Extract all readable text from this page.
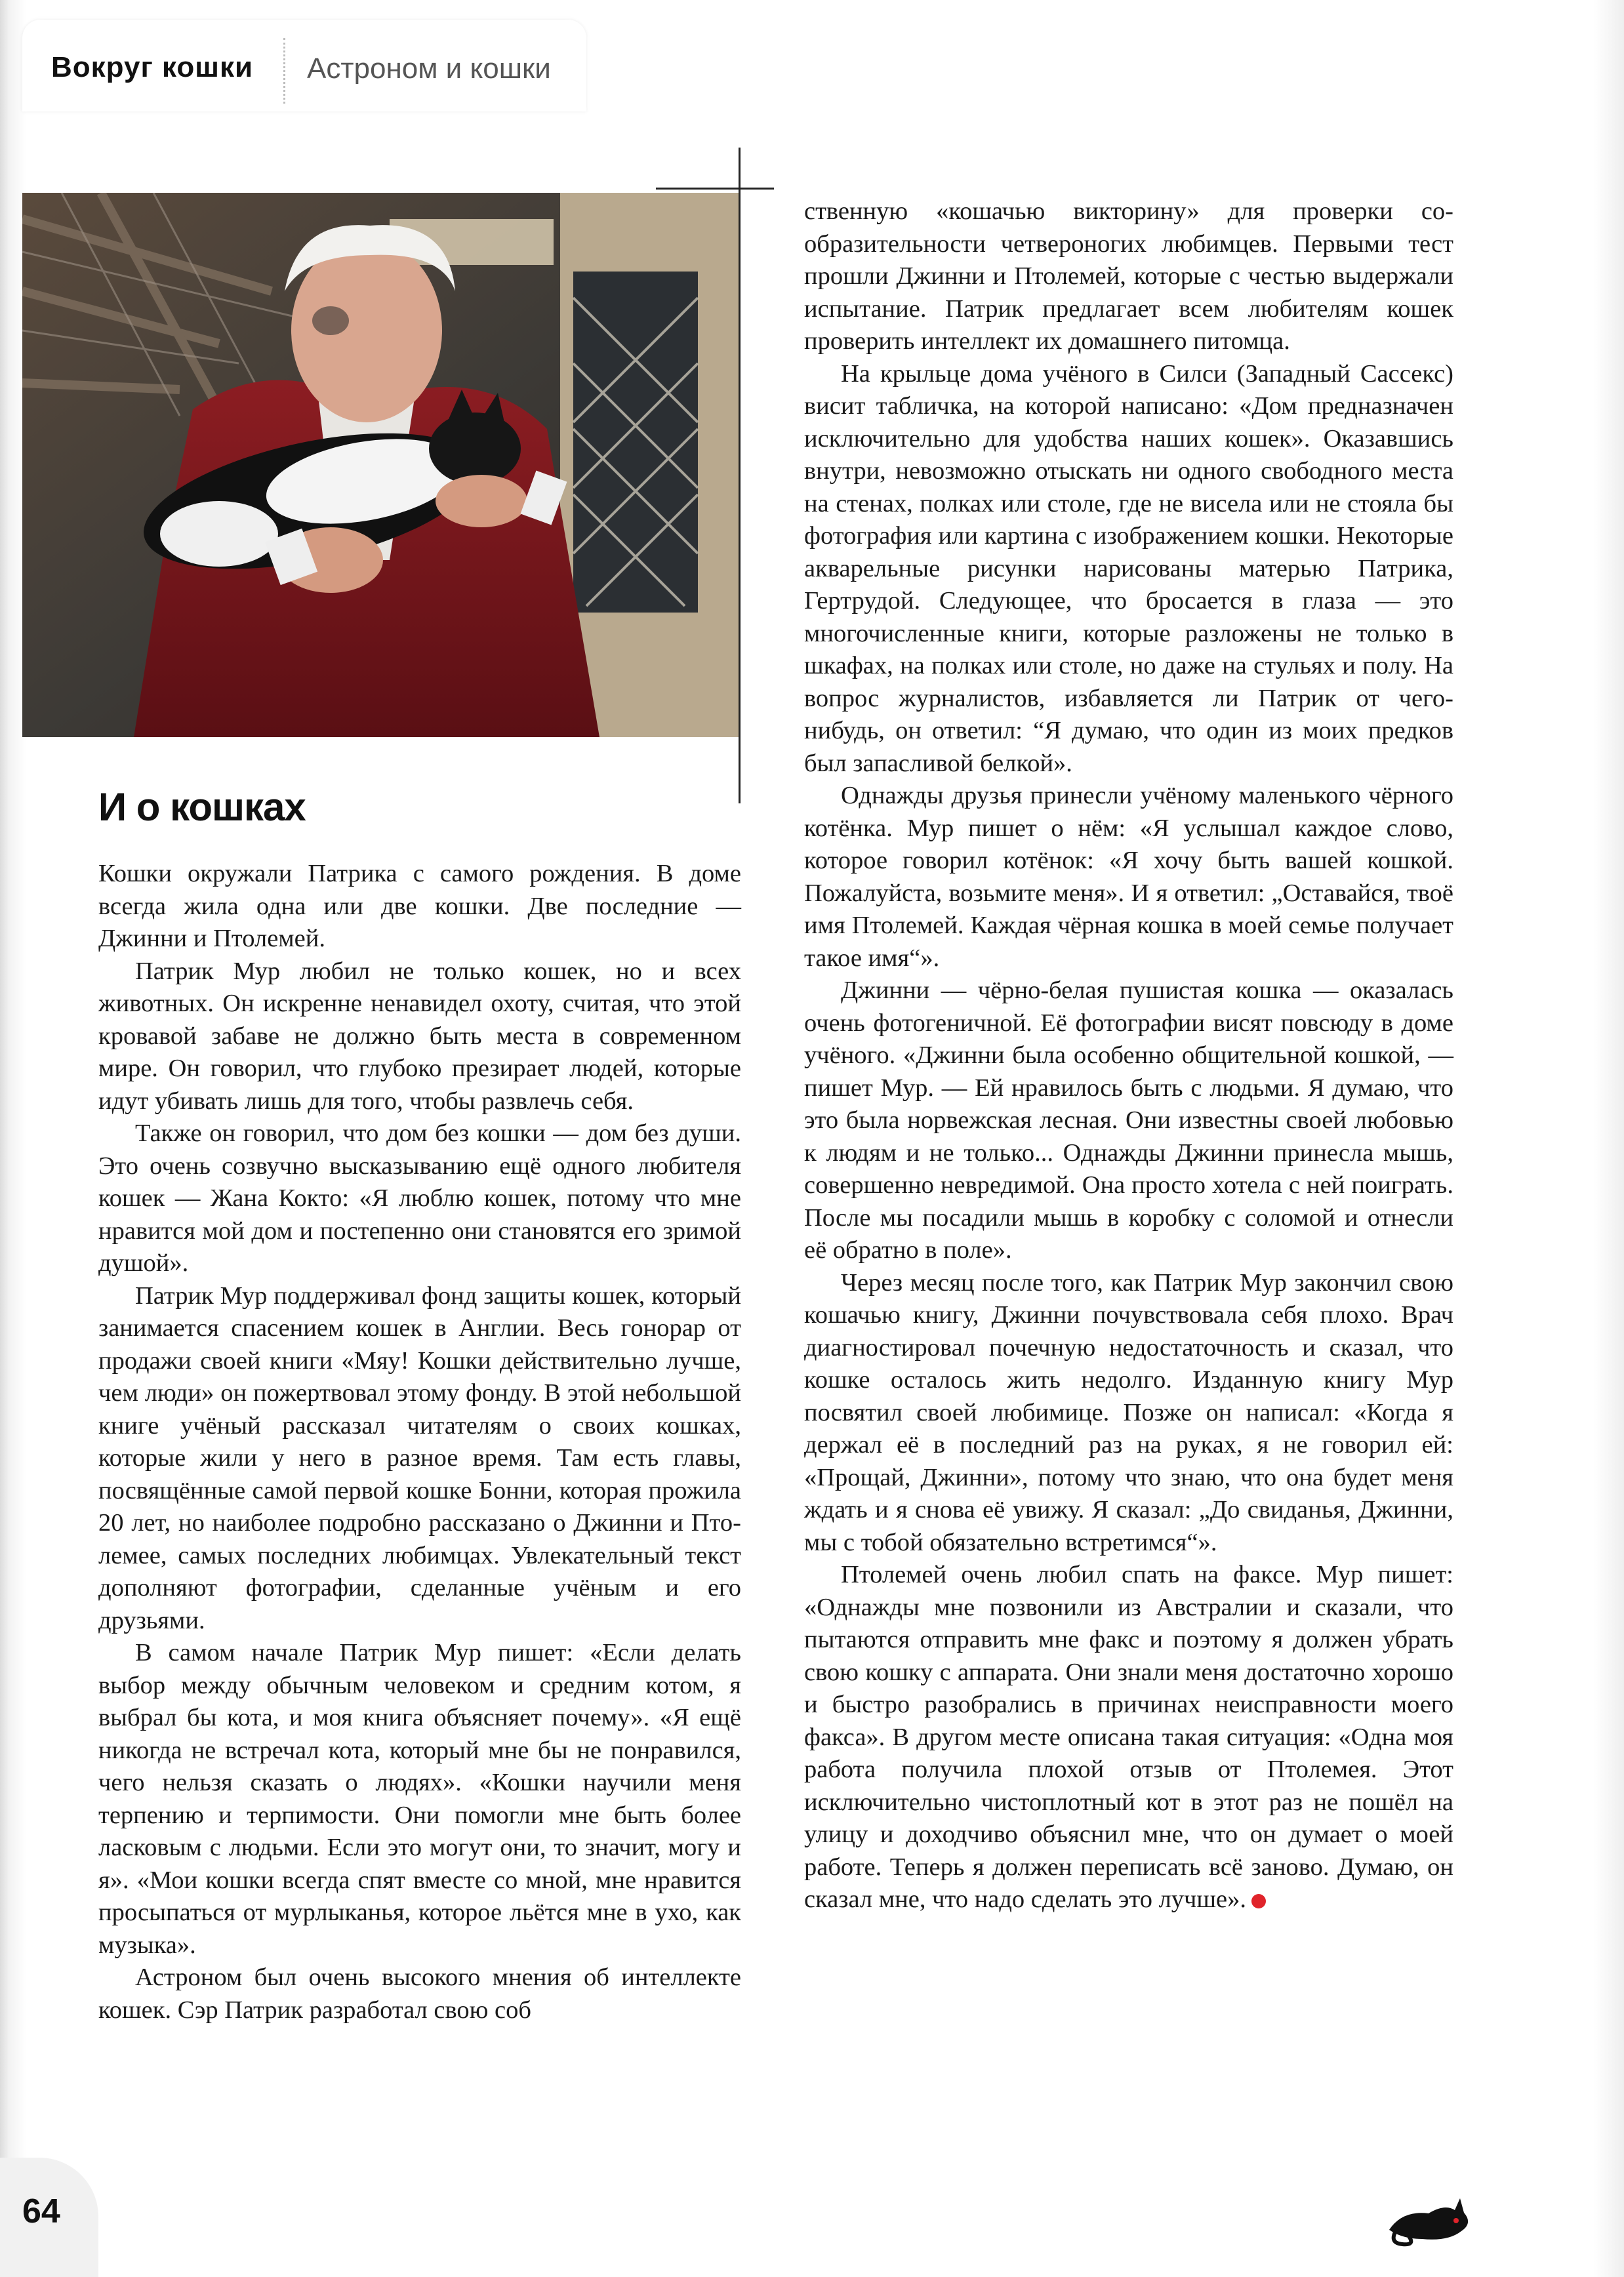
Вокруг кошки Астроном и кошки
И о кошках

Кошки окружали Патрика с самого рождения. В доме всегда жила одна или две кошки. Две последние — Джинни и Птолемей.

Патрик Мур любил не только кошек, но и всех животных. Он искренне ненавидел охоту, считая, что этой кровавой забаве не должно быть места в современном мире. Он говорил, что глубоко презирает людей, которые идут убивать лишь для того, чтобы развлечь себя.

Также он говорил, что дом без кошки — дом без души. Это очень созвучно высказыванию ещё одного любителя кошек — Жана Кокто: «Я люблю кошек, потому что мне нравится мой дом и постепенно они становятся его зримой душой».

Патрик Мур поддерживал фонд защиты кошек, который занимается спасением кошек в Англии. Весь гонорар от продажи своей книги «Мяу! Кошки действительно лучше, чем люди» он пожертвовал этому фонду. В этой небольшой книге учёный рассказал читателям о своих кошках, которые жили у него в разное время. Там есть главы, посвящённые самой первой кошке Бонни, которая прожила 20 лет, но наиболее подробно рассказано о Джинни и Птолемее, самых последних любимцах. Увлекательный текст дополняют фотографии, сделанные учёным и его друзьями.

В самом начале Патрик Мур пишет: «Если делать выбор между обычным человеком и средним котом, я выбрал бы кота, и моя книга объясняет почему». «Я ещё никогда не встречал кота, который мне бы не понравился, чего нельзя сказать о людях». «Кошки научили меня терпению и терпимости. Они помогли мне быть более ласковым с людьми. Если это могут они, то значит, могу и я». «Мои кошки всегда спят вместе со мной, мне нравится просыпаться от мурлыканья, которое льётся мне в ухо, как музыка».

Астроном был очень высокого мнения об интеллекте кошек. Сэр Патрик разработал свою соб

ственную «кошачью викторину» для проверки сообразительности четвероногих любимцев. Первыми тест прошли Джинни и Птолемей, которые с честью выдержали испытание. Патрик предлагает всем любителям кошек проверить интеллект их домашнего питомца.

На крыльце дома учёного в Силси (Западный Сассекс) висит табличка, на которой написано: «Дом предназначен исключительно для удобства наших кошек». Оказавшись внутри, невозможно отыскать ни одного свободного места на стенах, полках или столе, где не висела или не стояла бы фотография или картина с изображением кошки. Некоторые акварельные рисунки нарисованы матерью Патрика, Гертрудой. Следующее, что бросается в глаза — это многочисленные книги, которые разложены не только в шкафах, на полках или столе, но даже на стульях и полу. На вопрос журналистов, избавляется ли Патрик от чего-нибудь, он ответил: “Я думаю, что один из моих предков был запасливой белкой».

Однажды друзья принесли учёному маленького чёрного котёнка. Мур пишет о нём: «Я услышал каждое слово, которое говорил котёнок: «Я хочу быть вашей кошкой. Пожалуйста, возьмите меня». И я ответил: „Оставайся, твоё имя Птолемей. Каждая чёрная кошка в моей семье получает такое имя“».

Джинни — чёрно-белая пушистая кошка — оказалась очень фотогеничной. Её фотографии висят повсюду в доме учёного. «Джинни была особенно общительной кошкой, — пишет Мур. — Ей нравилось быть с людьми. Я думаю, что это была норвежская лесная. Они известны своей любовью к людям и не только... Однажды Джинни принесла мышь, совершенно невредимой. Она просто хотела с ней поиграть. После мы посадили мышь в коробку с соломой и отнесли её обратно в поле».

Через месяц после того, как Патрик Мур закончил свою кошачью книгу, Джинни почувствовала себя плохо. Врач диагностировал почечную недостаточность и сказал, что кошке осталось жить недолго. Изданную книгу Мур посвятил своей любимице. Позже он написал: «Когда я держал её в последний раз на руках, я не говорил ей: «Прощай, Джинни», потому что знаю, что она будет меня ждать и я снова её увижу. Я сказал: „До свиданья, Джинни, мы с тобой обязательно встретимся“».

Птолемей очень любил спать на факсе. Мур пишет: «Однажды мне позвонили из Австралии и сказали, что пытаются отправить мне факс и поэтому я должен убрать свою кошку с аппарата. Они знали меня достаточно хорошо и быстро разобрались в причинах неисправности моего факса». В другом месте описана такая ситуация: «Одна моя работа получила плохой отзыв от Птолемея. Этот исключительно чистоплотный кот в этот раз не пошёл на улицу и доходчиво объяснил мне, что он думает о моей работе. Теперь я должен переписать всё заново. Думаю, он сказал мне, что надо сделать это лучше».

64
